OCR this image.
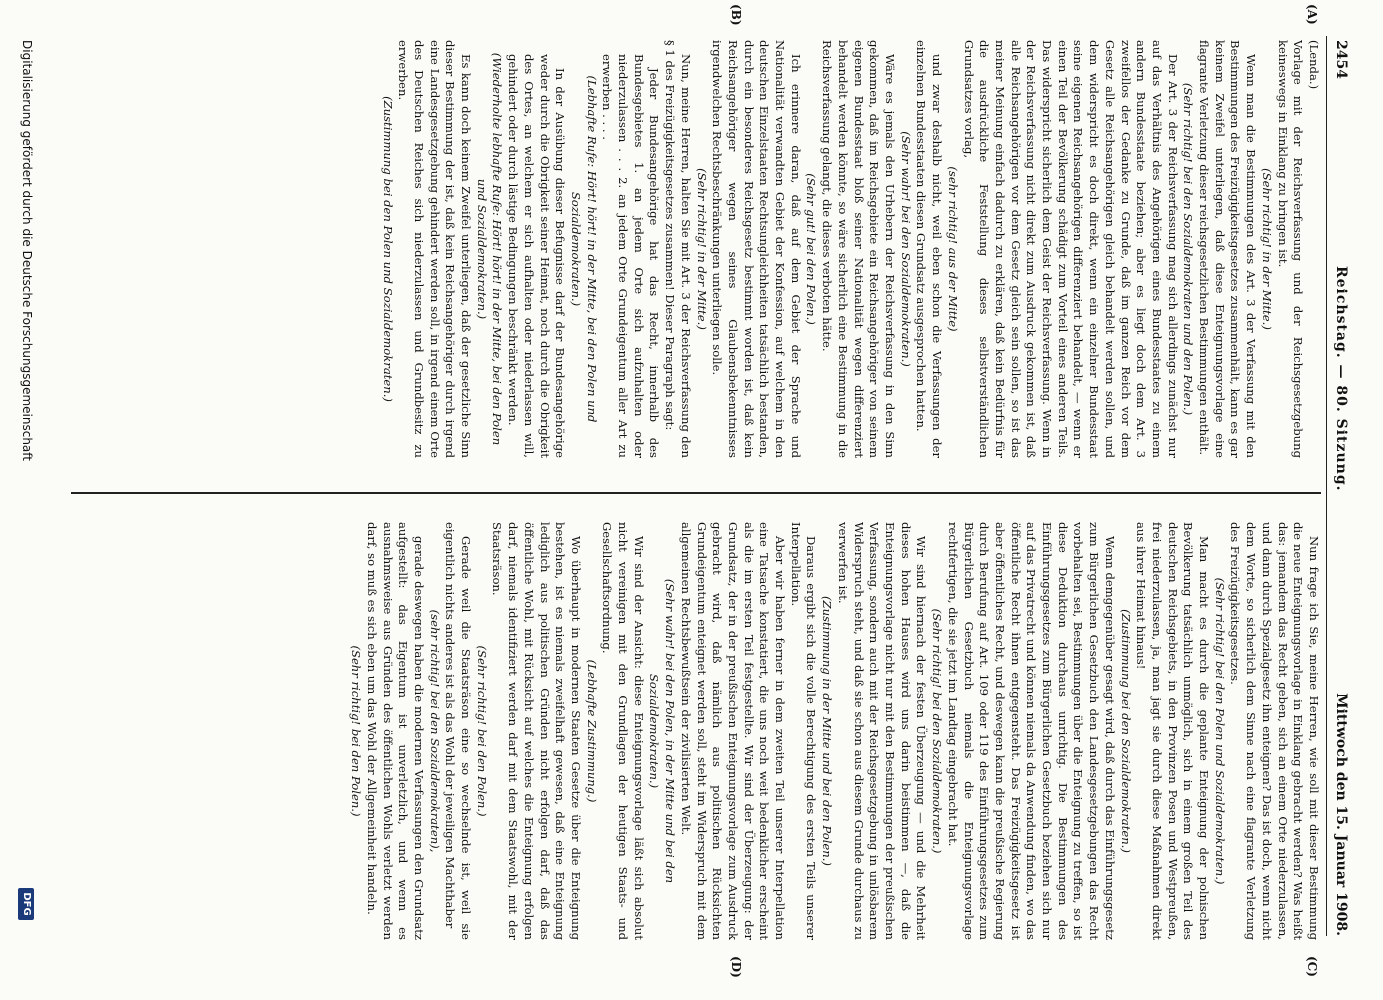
2454
Reichstag. — 80. Sitzung.
Mittwoch den 15. Januar 1908.
(A)
(B)
(C)
(D)

(Lenda.)

Vorlage mit der Reichsverfassung und der Reichsgesetzgebung keineswegs in Einklang zu bringen ist.

(Sehr richtig! in der Mitte.)

Wenn man die Bestimmungen des Art. 3 der Verfassung mit den Bestimmungen des Freizügigkeitsgesetzes zusammenhält, kann es gar keinem Zweifel unterliegen, daß diese Enteignungsvorlage eine flagrante Verletzung dieser reichsgesetzlichen Bestimmungen enthält.

(Sehr richtig! bei den Sozialdemokraten und den Polen.)

Der Art. 3 der Reichsverfassung mag sich allerdings zunächst nur auf das Verhältnis des Angehörigen eines Bundesstaates zu einem andern Bundesstaate beziehen; aber es liegt doch dem Art. 3 zweifellos der Gedanke zu Grunde, daß im ganzen Reich vor dem Gesetz alle Reichsangehörigen gleich behandelt werden sollen, und dem widerspricht es doch direkt, wenn ein einzelner Bundesstaat seine eigenen Reichsangehörigen differenziert behandelt, — wenn er einen Teil der Bevölkerung schädigt zum Vorteil eines anderen Teils. Das widerspricht sicherlich dem Geist der Reichsverfassung. Wenn in der Reichsverfassung nicht direkt zum Ausdruck gekommen ist, daß alle Reichsangehörigen vor dem Gesetz gleich sein sollen, so ist das meiner Meinung einfach dadurch zu erklären, daß kein Bedürfnis für die ausdrückliche Feststellung dieses selbstverständlichen Grundsatzes vorlag,

(sehr richtig! aus der Mitte)

und zwar deshalb nicht, weil eben schon die Verfassungen der einzelnen Bundesstaaten diesen Grundsatz ausgesprochen hatten.

(Sehr wahr! bei den Sozialdemokraten.)

Wäre es jemals den Urhebern der Reichsverfassung in den Sinn gekommen, daß im Reichsgebiete ein Reichsangehöriger von seinem eigenen Bundesstaat bloß seiner Nationalität wegen differenziert behandelt werden könnte, so wäre sicherlich eine Bestimmung in die Reichsverfassung gelangt, die dieses verboten hätte.

(Sehr gut! bei den Polen.)

Ich erinnere daran, daß auf dem Gebiet der Sprache und Nationalität verwandten Gebiet der Konfession, auf welchem in den deutschen Einzelstaaten Rechtsungleichheiten tatsächlich bestanden, durch ein besonderes Reichsgesetz bestimmt worden ist, daß kein Reichsangehöriger wegen seines Glaubensbekenntnisses irgendwelchen Rechtsbeschränkungen unterliegen solle.

(Sehr richtig! in der Mitte.)

Nun, meine Herren, halten Sie mit Art. 3 der Reichsverfassung den § 1 des Freizügigkeitsgesetzes zusammen! Dieser Paragraph sagt:

Jeder Bundesangehörige hat das Recht, innerhalb des Bundesgebietes 1. an jedem Orte sich aufzuhalten oder niederzulassen . . . 2. an jedem Orte Grundeigentum aller Art zu erwerben . . . .

(Lebhafte Rufe: Hört! hört! in der Mitte, bei den Polen und Sozialdemokraten.)

In der Ausübung dieser Befugnisse darf der Bundesangehörige weder durch die Obrigkeit seiner Heimat, noch durch die Obrigkeit des Ortes, an welchem er sich aufhalten oder niederlassen will, gehindert oder durch lästige Bedingungen beschränkt werden.

(Wiederholte lebhafte Rufe: Hört! hört! in der Mitte, bei den Polen und Sozialdemokraten.)

Es kann doch keinem Zweifel unterliegen, daß der gesetzliche Sinn dieser Bestimmung der ist, daß kein Reichsangehöriger durch irgend eine Landesgesetzgebung gehindert werden soll, in irgend einem Orte des Deutschen Reiches sich niederzulassen und Grundbesitz zu erwerben.

(Zustimmung bei den Polen und Sozialdemokraten.)

Nun frage ich Sie, meine Herren, wie soll mit dieser Bestimmung die neue Enteignungsvorlage in Einklang gebracht werden? Was heißt das: jemandem das Recht geben, sich an einem Orte niederzulassen, und dann durch Spezialgesetz ihn enteignen? Das ist doch, wenn nicht dem Worte, so sicherlich dem Sinne nach eine flagrante Verletzung des Freizügigkeitsgesetzes.

(Sehr richtig! bei den Polen und Sozialdemokraten.)

Man macht es durch die geplante Enteignung der polnischen Bevölkerung tatsächlich unmöglich, sich in einem großen Teil des deutschen Reichsgebiets, in den Provinzen Posen und Westpreußen, frei niederzulassen, ja, man jagt sie durch diese Maßnahmen direkt aus ihrer Heimat hinaus!

(Zustimmung bei den Sozialdemokraten.)

Wenn demgegenüber gesagt wird, daß durch das Einführungsgesetz zum Bürgerlichen Gesetzbuch den Landesgesetzgebungen das Recht vorbehalten sei, Bestimmungen über die Enteignung zu treffen, so ist diese Deduktion durchaus unrichtig. Die Bestimmungen des Einführungsgesetzes zum Bürgerlichen Gesetzbuch beziehen sich nur auf das Privatrecht und können niemals da Anwendung finden, wo das öffentliche Recht ihnen entgegensteht. Das Freizügigkeitsgesetz ist aber öffentliches Recht, und deswegen kann die preußische Regierung durch Berufung auf Art. 109 oder 119 des Einführungsgesetzes zum Bürgerlichen Gesetzbuch niemals die Enteignungsvorlage rechtfertigen, die sie jetzt im Landtag eingebracht hat.

(Sehr richtig! bei den Sozialdemokraten.)

Wir sind hiernach der festen Überzeugung — und die Mehrheit dieses hohen Hauses wird uns darin beistimmen —, daß die Enteignungsvorlage nicht nur mit den Bestimmungen der preußischen Verfassung, sondern auch mit der Reichsgesetzgebung in unlösbarem Widerspruch steht, und daß sie schon aus diesem Grunde durchaus zu verwerfen ist.

(Zustimmung in der Mitte und bei den Polen.)

Daraus ergibt sich die volle Berechtigung des ersten Teils unserer Interpellation.

Aber wir haben ferner in dem zweiten Teil unserer Interpellation eine Tatsache konstatiert, die uns noch weit bedenklicher erscheint als die im ersten Teil festgestellte. Wir sind der Überzeugung: der Grundsatz, der in der preußischen Enteignungsvorlage zum Ausdruck gebracht wird, daß nämlich aus politischen Rücksichten Grundeigentum enteignet werden soll, steht im Widerspruch mit dem allgemeinen Rechtsbewußtsein der zivilisierten Welt.

(Sehr wahr! bei den Polen, in der Mitte und bei den Sozialdemokraten.)

Wir sind der Ansicht: diese Enteignungsvorlage läßt sich absolut nicht vereinigen mit den Grundlagen der heutigen Staats- und Gesellschaftsordnung.

(Lebhafte Zustimmung.)

Wo überhaupt in modernen Staaten Gesetze über die Enteignung bestehen, ist es niemals zweifelhaft gewesen, daß eine Enteignung lediglich aus politischen Gründen nicht erfolgen darf, daß das öffentliche Wohl, mit Rücksicht auf welches die Enteignung erfolgen darf, niemals identifiziert werden darf mit dem Staatswohl, mit der Staatsräson.

(Sehr richtig! bei den Polen.)

Gerade weil die Staatsräson eine so wechselnde ist, weil sie eigentlich nichts anderes ist als das Wohl der jeweiligen Machthaber

(sehr richtig! bei den Sozialdemokraten),

gerade deswegen haben die modernen Verfassungen den Grundsatz aufgestellt: das Eigentum ist unverletzlich, und wenn es ausnahmsweise aus Gründen des öffentlichen Wohls verletzt werden darf, so muß es sich eben um das Wohl der Allgemeinheit handeln.

(Sehr richtig! bei den Polen.)

Digitalisierung gefördert durch die Deutsche Forschungsgemeinschaft
DFG
